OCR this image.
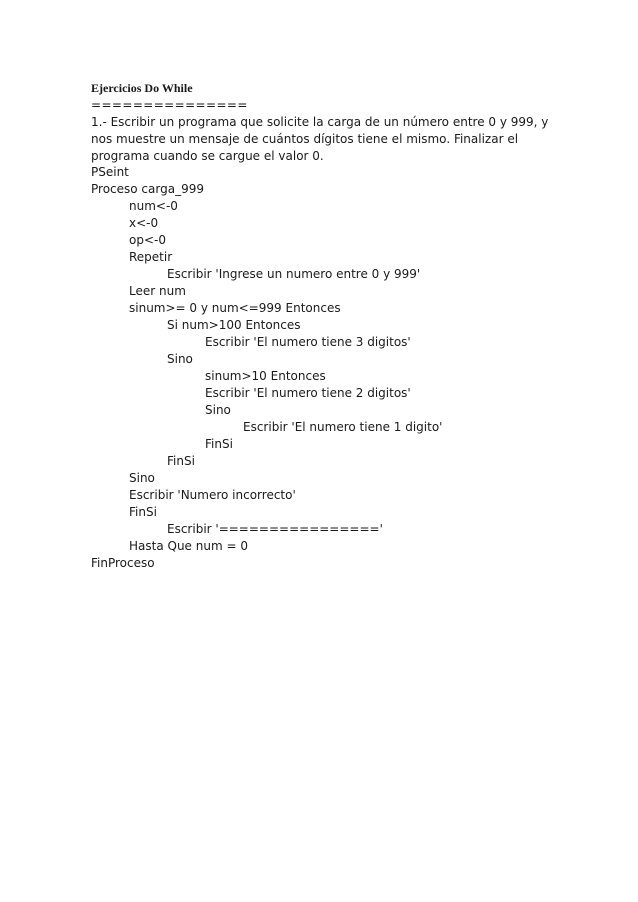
Ejercicios Do While
===============
1.- Escribir un programa que solicite la carga de un número entre 0 y 999, y nos muestre un mensaje de cuántos dígitos tiene el mismo. Finalizar el programa cuando se cargue el valor 0.
PSeint
Proceso carga_999
num<-0
x<-0
op<-0
Repetir
Escribir 'Ingrese un numero entre 0 y 999'
Leer num
sinum>= 0 y num<=999 Entonces
Si num>100 Entonces
Escribir 'El numero tiene 3 digitos'
Sino
sinum>10 Entonces
Escribir 'El numero tiene 2 digitos'
Sino
Escribir 'El numero tiene 1 digito'
FinSi
FinSi
Sino
Escribir 'Numero incorrecto'
FinSi
Escribir '================'
Hasta Que num = 0
FinProceso
